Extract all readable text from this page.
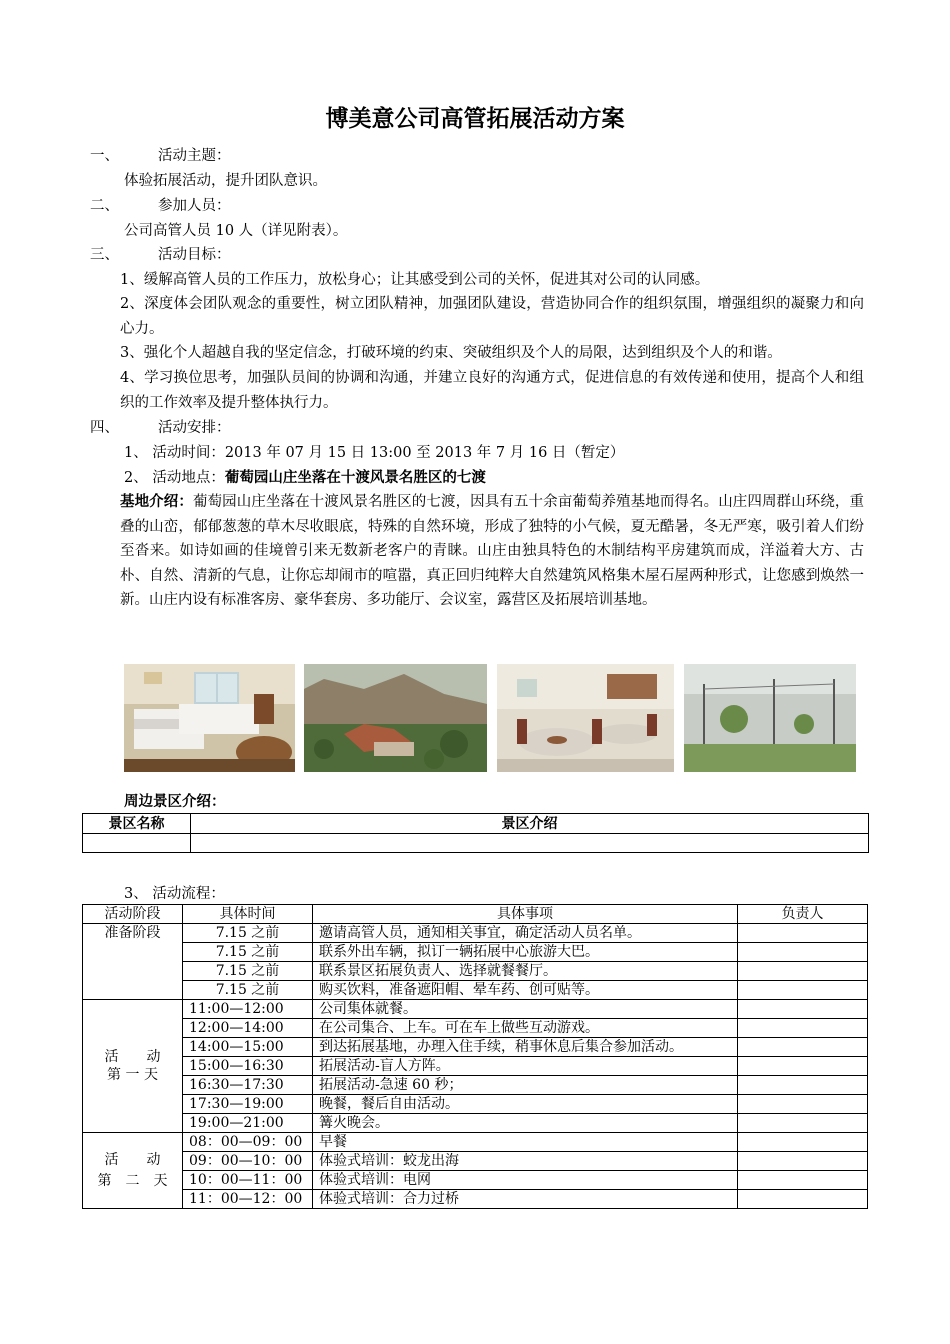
博美意公司高管拓展活动方案
一、	活动主题：
体验拓展活动，提升团队意识。
二、	参加人员：
公司高管人员 10 人（详见附表）。
三、	活动目标：
1、缓解高管人员的工作压力，放松身心；让其感受到公司的关怀，促进其对公司的认同感。
2、深度体会团队观念的重要性，树立团队精神，加强团队建设，营造协同合作的组织氛围，增强组织的凝聚力和向心力。
3、强化个人超越自我的坚定信念，打破环境的约束、突破组织及个人的局限，达到组织及个人的和谐。
4、学习换位思考，加强队员间的协调和沟通，并建立良好的沟通方式，促进信息的有效传递和使用，提高个人和组织的工作效率及提升整体执行力。
四、	活动安排：
1、 活动时间：2013 年 07 月 15 日 13:00 至 2013 年 7 月 16 日（暂定）
2、 活动地点：葡萄园山庄坐落在十渡风景名胜区的七渡
基地介绍：葡萄园山庄坐落在十渡风景名胜区的七渡，因具有五十余亩葡萄养殖基地而得名。山庄四周群山环绕，重叠的山峦，郁郁葱葱的草木尽收眼底，特殊的自然环境，形成了独特的小气候，夏无酷暑，冬无严寒，吸引着人们纷至沓来。如诗如画的佳境曾引来无数新老客户的青睐。山庄由独具特色的木制结构平房建筑而成，洋溢着大方、古朴、自然、清新的气息，让你忘却闹市的喧嚣，真正回归纯粹大自然建筑风格集木屋石屋两种形式，让您感到焕然一新。山庄内设有标准客房、豪华套房、多功能厅、会议室，露营区及拓展培训基地。
周边景区介绍：
景区名称	景区介绍

3、 活动流程：
活动阶段	具体时间	具体事项	负责人
准备阶段	7.15 之前	邀请高管人员，通知相关事宜，确定活动人员名单。	
	7.15 之前	联系外出车辆，拟订一辆拓展中心旅游大巴。	
	7.15 之前	联系景区拓展负责人、选择就餐餐厅。	
	7.15 之前	购买饮料，准备遮阳帽、晕车药、创可贴等。	

活　　动
第 一 天	11:00—12:00	公司集体就餐。	
	12:00—14:00	在公司集合、上车。可在车上做些互动游戏。	
	14:00—15:00	到达拓展基地，办理入住手续，稍事休息后集合参加活动。	
	15:00—16:30	拓展活动-盲人方阵。	
	16:30—17:30	拓展活动-急速 60 秒；	
	17:30—19:00	晚餐，餐后自由活动。	
	19:00—21:00	篝火晚会。	

活　　动
第　二　天	08：00—09：00	早餐	
	09：00—10：00	体验式培训：蛟龙出海	
	10：00—11：00	体验式培训：电网	
	11：00—12：00	体验式培训：合力过桥	
